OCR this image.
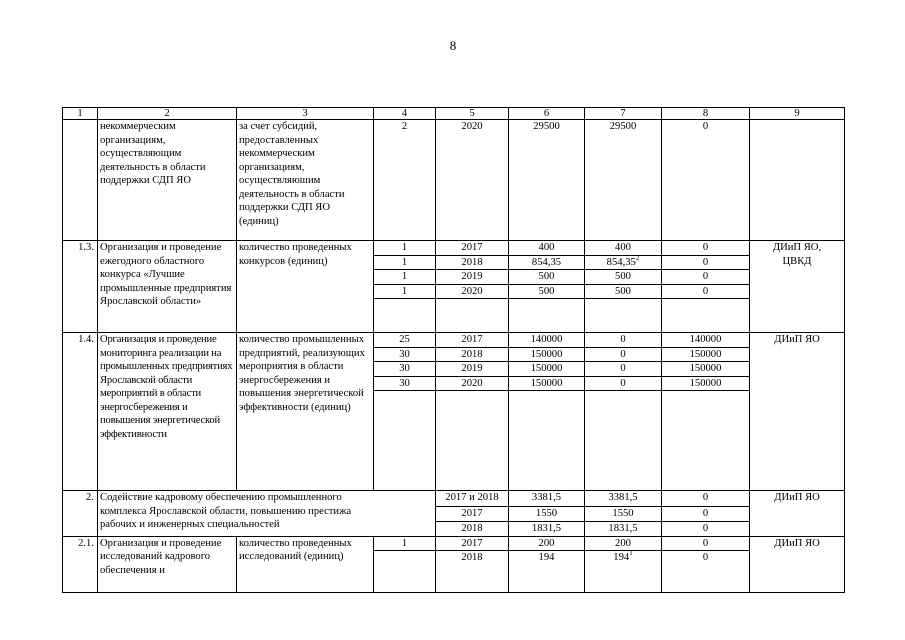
8
1	2	3	4	5	6	7	8	9
	некоммерческим организациям, осуществляющим деятельность в области поддержки СДП ЯО	за счет субсидий, предоставленных некоммерческим организациям, осуществляюшим деятельность в области поддержки СДП ЯО (единиц)	2	2020	29500	29500	0	
1.3.	Организация и проведение ежегодного областного конкурса «Лучшие промышленные предприятия Ярославской области»	количество проведенных конкурсов (единиц)	1	2017	400	400	0	ДИиП ЯО, ЦВКД
			1	2018	854,35	854,35$^2$	0	
			1	2019	500	500	0	
			1	2020	500	500	0	

1.4.	Организация и проведение мониторинга реализации на промышленных предприятиях Ярославской области мероприятий в области энергосбережения и повышения энергетической эффективности	количество промышленных предприятий, реализующих мероприятия в области энергосбережения и повышения энергетической эффективности (единиц)	25	2017	140000	0	140000	ДИиП ЯО
			30	2018	150000	0	150000	
			30	2019	150000	0	150000	
			30	2020	150000	0	150000	

2.	Содействие кадровому обеспечению промышленного комплекса Ярославской области, повышению престижа рабочих и инженерных специальностей			2017 и 2018	3381,5	3381,5	0	ДИиП ЯО
				2017	1550	1550	0	
				2018	1831,5	1831,5	0	
2.1.	Организация и проведение исследований кадрового обеспечения и	количество проведенных исследований (единиц)	1	2017	200	200	0	ДИиП ЯО
				2018	194	$194^1$	0	
